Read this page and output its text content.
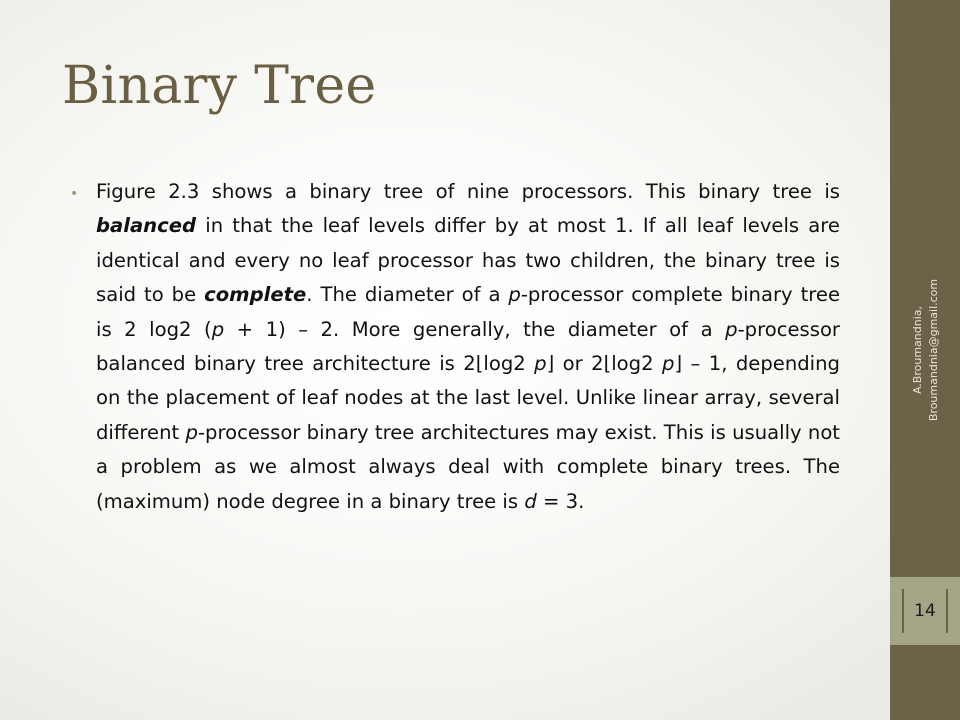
Binary Tree
• Figure 2.3 shows a binary tree of nine processors. This binary tree is balanced in that the leaf levels differ by at most 1. If all leaf levels are identical and every no leaf processor has two children, the binary tree is said to be complete. The diameter of a p-processor complete binary tree is 2 log2 (p + 1) – 2. More generally, the diameter of a p-processor balanced binary tree architecture is 2⌊log2 p⌋ or 2⌊log2 p⌋ – 1, depending on the placement of leaf nodes at the last level. Unlike linear array, several different p-processor binary tree architectures may exist. This is usually not a problem as we almost always deal with complete binary trees. The (maximum) node degree in a binary tree is d = 3.

A.Broumandnia, Broumandnia@gmail.com
14
